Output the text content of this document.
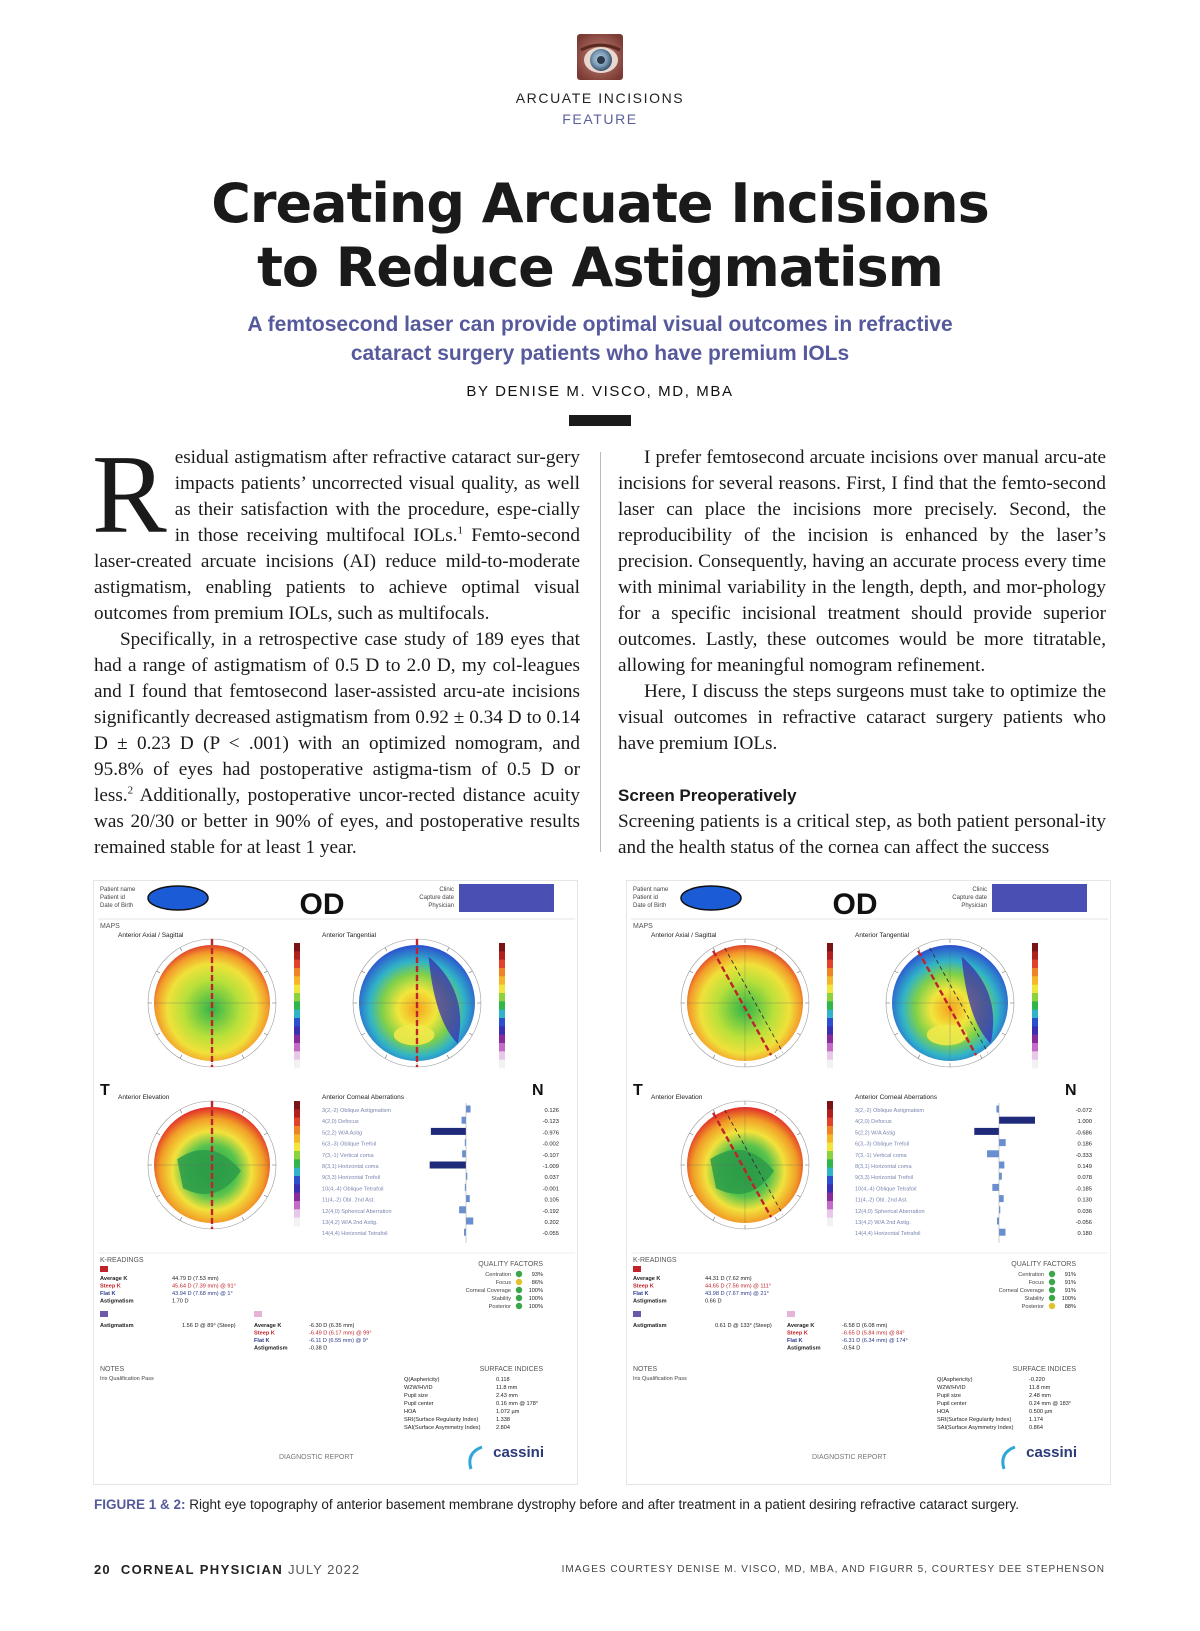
ARCUATE INCISIONS
FEATURE
Creating Arcuate Incisions
to Reduce Astigmatism
A femtosecond laser can provide optimal visual outcomes in refractive
cataract surgery patients who have premium IOLs
BY DENISE M. VISCO, MD, MBA

Residual astigmatism after refractive cataract sur-gery impacts patients’ uncorrected visual quality, as well as their satisfaction with the procedure, espe-cially in those receiving multifocal IOLs.$^1$ Femto-second laser-created arcuate incisions (AI) reduce mild-to-moderate astigmatism, enabling patients to achieve optimal visual outcomes from premium IOLs, such as multifocals.

Specifically, in a retrospective case study of 189 eyes that had a range of astigmatism of 0.5 D to 2.0 D, my col-leagues and I found that femtosecond laser-assisted arcu-ate incisions significantly decreased astigmatism from 0.92 ± 0.34 D to 0.14 D ± 0.23 D (P < .001) with an optimized nomogram, and 95.8% of eyes had postoperative astigma-tism of 0.5 D or less.$^2$ Additionally, postoperative uncor-rected distance acuity was 20/30 or better in 90% of eyes, and postoperative results remained stable for at least 1 year.

I prefer femtosecond arcuate incisions over manual arcu-ate incisions for several reasons. First, I find that the femto-second laser can place the incisions more precisely. Second, the reproducibility of the incision is enhanced by the laser’s precision. Consequently, having an accurate process every time with minimal variability in the length, depth, and mor-phology for a specific incisional treatment should provide superior outcomes. Lastly, these outcomes would be more titratable, allowing for meaningful nomogram refinement.

Here, I discuss the steps surgeons must take to optimize the visual outcomes in refractive cataract surgery patients who have premium IOLs.

Screen Preoperatively

Screening patients is a critical step, as both patient personal-ity and the health status of the cornea can affect the success

Patient name
Patient id
Date of Birth	OD	Clinic
Capture date
Physician
MAPS
Anterior Axial / Sagittal	Anterior Tangential
T	N
Anterior Elevation	Anterior Corneal Aberrations
3(2,-2) Oblique Astigmatism	0.126
4(2,0) Defocus	-0.123
5(2,2) W/A Astig	-0.976
6(3,-3) Oblique Trefoil	-0.002
7(3,-1) Vertical coma	-0.107
8(3,1) Horizontal coma	-1.009
9(3,3) Horizontal Trefoil	0.037
10(4,-4) Oblique Tetrafoil	-0.001
11(4,-2) Obl. 2nd Ast.	0.105
12(4,0) Spherical Aberration	-0.192
13(4,2) W/A 2nd Astig.	0.202
14(4,4) Horizontal Tetrafoil	-0.055
K-READINGS
Average K	44.79 D (7.53 mm)
Steep K	45.64 D (7.39 mm) @ 91°
Flat K	43.94 D (7.68 mm) @ 1°
Astigmatism	1.70 D
Astigmatism	1.56 D @ 89° (Steep)	Average K	-6.30 D (6.35 mm)
Steep K	-6.49 D (6.17 mm) @ 99°
Flat K	-6.11 D (6.55 mm) @ 9°
Astigmatism	-0.38 D
QUALITY FACTORS
Centration	93%
Focus	86%
Corneal Coverage	100%
Stability	100%
Posterior	100%
NOTES
Iris Qualification Pass
SURFACE INDICES
Q(Asphericity)	0.118
W2W/HVID	11.8 mm
Pupil size	2.43 mm
Pupil center	0.16 mm @ 178°
HOA	1.072 µm
SRI(Surface Regularity Index)	1.338
SAI(Surface Asymmetry Index)	2.804
DIAGNOSTIC REPORT	cassini
Patient name
Patient id
Date of Birth	OD	Clinic
Capture date
Physician
MAPS
Anterior Axial / Sagittal	Anterior Tangential
T	N
Anterior Elevation	Anterior Corneal Aberrations
3(2,-2) Oblique Astigmatism	-0.072
4(2,0) Defocus	1.000
5(2,2) W/A Astig	-0.686
6(3,-3) Oblique Trefoil	0.186
7(3,-1) Vertical coma	-0.333
8(3,1) Horizontal coma	0.149
9(3,3) Horizontal Trefoil	0.078
10(4,-4) Oblique Tetrafoil	-0.185
11(4,-2) Obl. 2nd Ast.	0.130
12(4,0) Spherical Aberration	0.036
13(4,2) W/A 2nd Astig.	-0.056
14(4,4) Horizontal Tetrafoil	0.180
K-READINGS
Average K	44.31 D (7.62 mm)
Steep K	44.65 D (7.56 mm) @ 111°
Flat K	43.98 D (7.67 mm) @ 21°
Astigmatism	0.66 D
Astigmatism	0.61 D @ 133° (Steep)	Average K	-6.58 D (6.08 mm)
Steep K	-6.65 D (5.84 mm) @ 84°
Flat K	-6.31 D (6.34 mm) @ 174°
Astigmatism	-0.54 D
QUALITY FACTORS
Centration	91%
Focus	91%
Corneal Coverage	91%
Stability	100%
Posterior	88%
NOTES
Iris Qualification Pass
SURFACE INDICES
Q(Asphericity)	-0.220
W2W/HVID	11.8 mm
Pupil size	2.48 mm
Pupil center	0.24 mm @ 183°
HOA	0.500 µm
SRI(Surface Regularity Index)	1.174
SAI(Surface Asymmetry Index)	0.864
DIAGNOSTIC REPORT	cassini
FIGURE 1 & 2: Right eye topography of anterior basement membrane dystrophy before and after treatment in a patient desiring refractive cataract surgery.
20 CORNEAL PHYSICIAN JULY 2022	IMAGES COURTESY DENISE M. VISCO, MD, MBA, AND FIGURR 5, COURTESY DEE STEPHENSON
